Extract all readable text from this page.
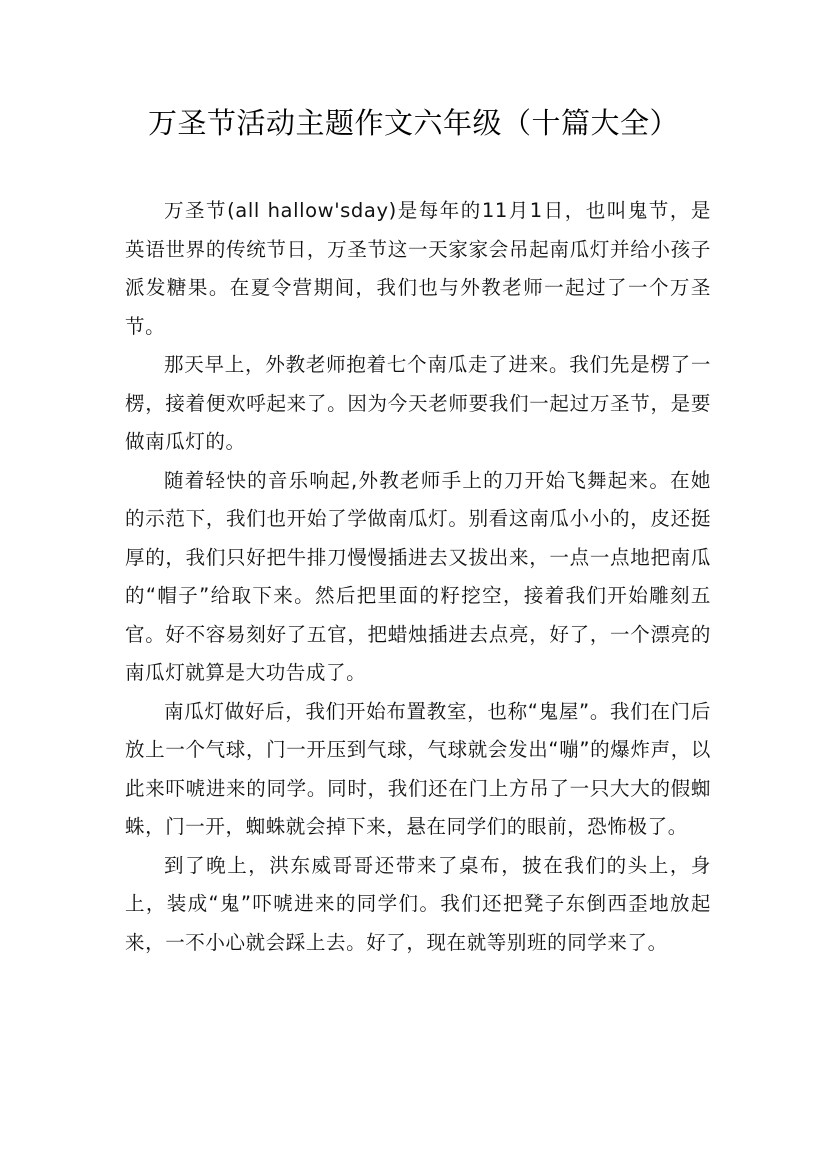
万圣节活动主题作文六年级（十篇大全）

万圣节(all hallow'sday)是每年的11月1日，也叫鬼节，是英语世界的传统节日，万圣节这一天家家会吊起南瓜灯并给小孩子派发糖果。在夏令营期间，我们也与外教老师一起过了一个万圣节。

那天早上，外教老师抱着七个南瓜走了进来。我们先是楞了一楞，接着便欢呼起来了。因为今天老师要我们一起过万圣节，是要做南瓜灯的。

随着轻快的音乐响起,外教老师手上的刀开始飞舞起来。在她的示范下，我们也开始了学做南瓜灯。别看这南瓜小小的，皮还挺厚的，我们只好把牛排刀慢慢插进去又拔出来，一点一点地把南瓜的“帽子”给取下来。然后把里面的籽挖空，接着我们开始雕刻五官。好不容易刻好了五官，把蜡烛插进去点亮，好了，一个漂亮的南瓜灯就算是大功告成了。

南瓜灯做好后，我们开始布置教室，也称“鬼屋”。我们在门后放上一个气球，门一开压到气球，气球就会发出“嘣”的爆炸声，以此来吓唬进来的同学。同时，我们还在门上方吊了一只大大的假蜘蛛，门一开，蜘蛛就会掉下来，悬在同学们的眼前，恐怖极了。

到了晚上，洪东威哥哥还带来了桌布，披在我们的头上，身上，装成“鬼”吓唬进来的同学们。我们还把凳子东倒西歪地放起来，一不小心就会踩上去。好了，现在就等别班的同学来了。
